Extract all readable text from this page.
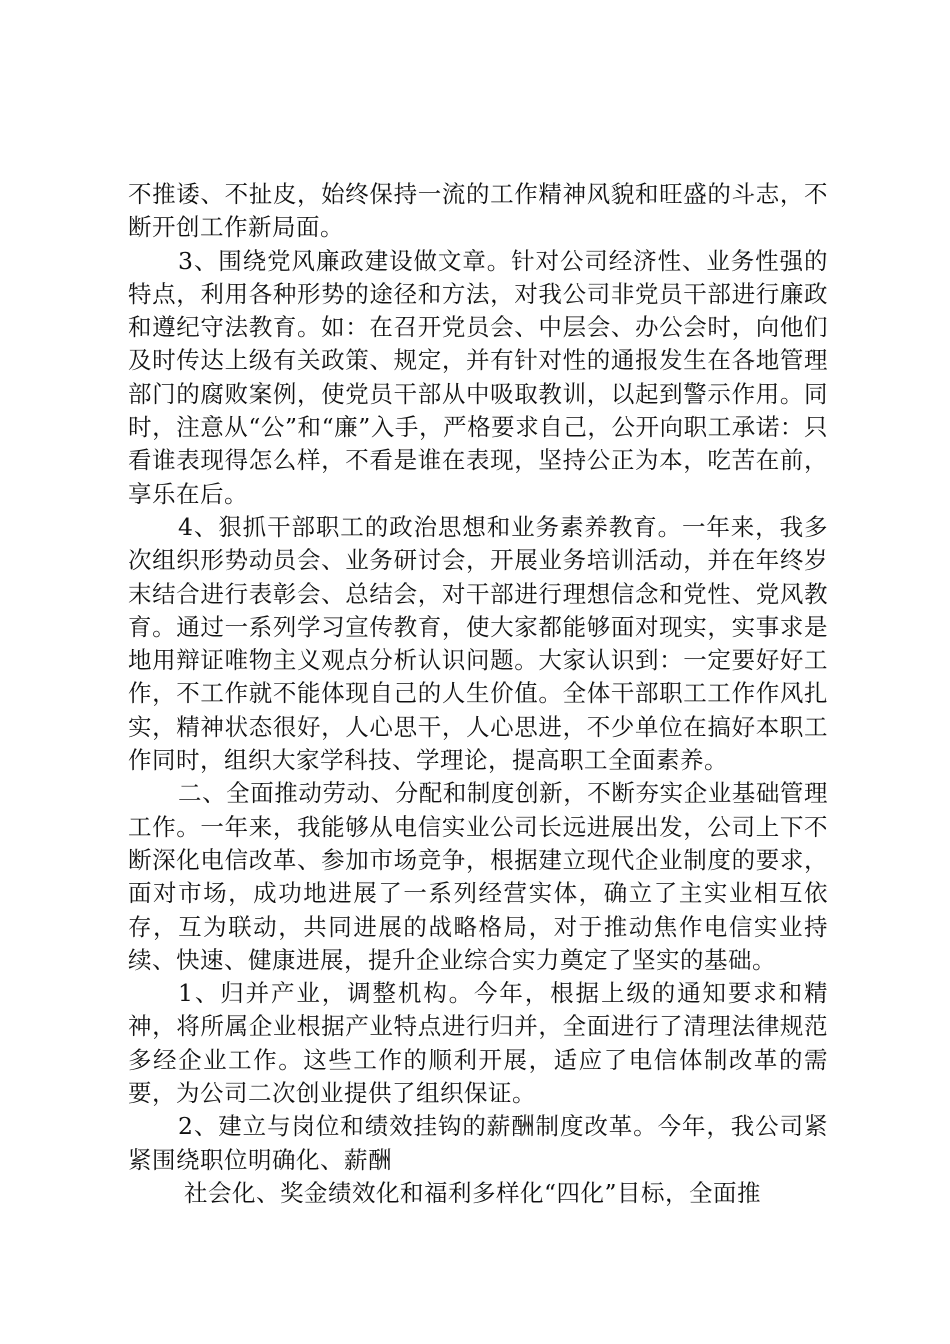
不推诿、不扯皮，始终保持一流的工作精神风貌和旺盛的斗志，不断开创工作新局面。

3、围绕党风廉政建设做文章。针对公司经济性、业务性强的特点，利用各种形势的途径和方法，对我公司非党员干部进行廉政和遵纪守法教育。如：在召开党员会、中层会、办公会时，向他们及时传达上级有关政策、规定，并有针对性的通报发生在各地管理部门的腐败案例，使党员干部从中吸取教训，以起到警示作用。同时，注意从“公”和“廉”入手，严格要求自己，公开向职工承诺：只看谁表现得怎么样，不看是谁在表现，坚持公正为本，吃苦在前，享乐在后。

4、狠抓干部职工的政治思想和业务素养教育。一年来，我多次组织形势动员会、业务研讨会，开展业务培训活动，并在年终岁末结合进行表彰会、总结会，对干部进行理想信念和党性、党风教育。通过一系列学习宣传教育，使大家都能够面对现实，实事求是地用辩证唯物主义观点分析认识问题。大家认识到：一定要好好工作，不工作就不能体现自己的人生价值。全体干部职工工作作风扎实，精神状态很好，人心思干，人心思进，不少单位在搞好本职工作同时，组织大家学科技、学理论，提高职工全面素养。

二、全面推动劳动、分配和制度创新，不断夯实企业基础管理工作。一年来，我能够从电信实业公司长远进展出发，公司上下不断深化电信改革、参加市场竞争，根据建立现代企业制度的要求，面对市场，成功地进展了一系列经营实体，确立了主实业相互依存，互为联动，共同进展的战略格局，对于推动焦作电信实业持续、快速、健康进展，提升企业综合实力奠定了坚实的基础。

1、归并产业，调整机构。今年，根据上级的通知要求和精神，将所属企业根据产业特点进行归并，全面进行了清理法律规范多经企业工作。这些工作的顺利开展，适应了电信体制改革的需要，为公司二次创业提供了组织保证。

2、建立与岗位和绩效挂钩的薪酬制度改革。今年，我公司紧紧围绕职位明确化、薪酬

社会化、奖金绩效化和福利多样化“四化”目标，全面推
